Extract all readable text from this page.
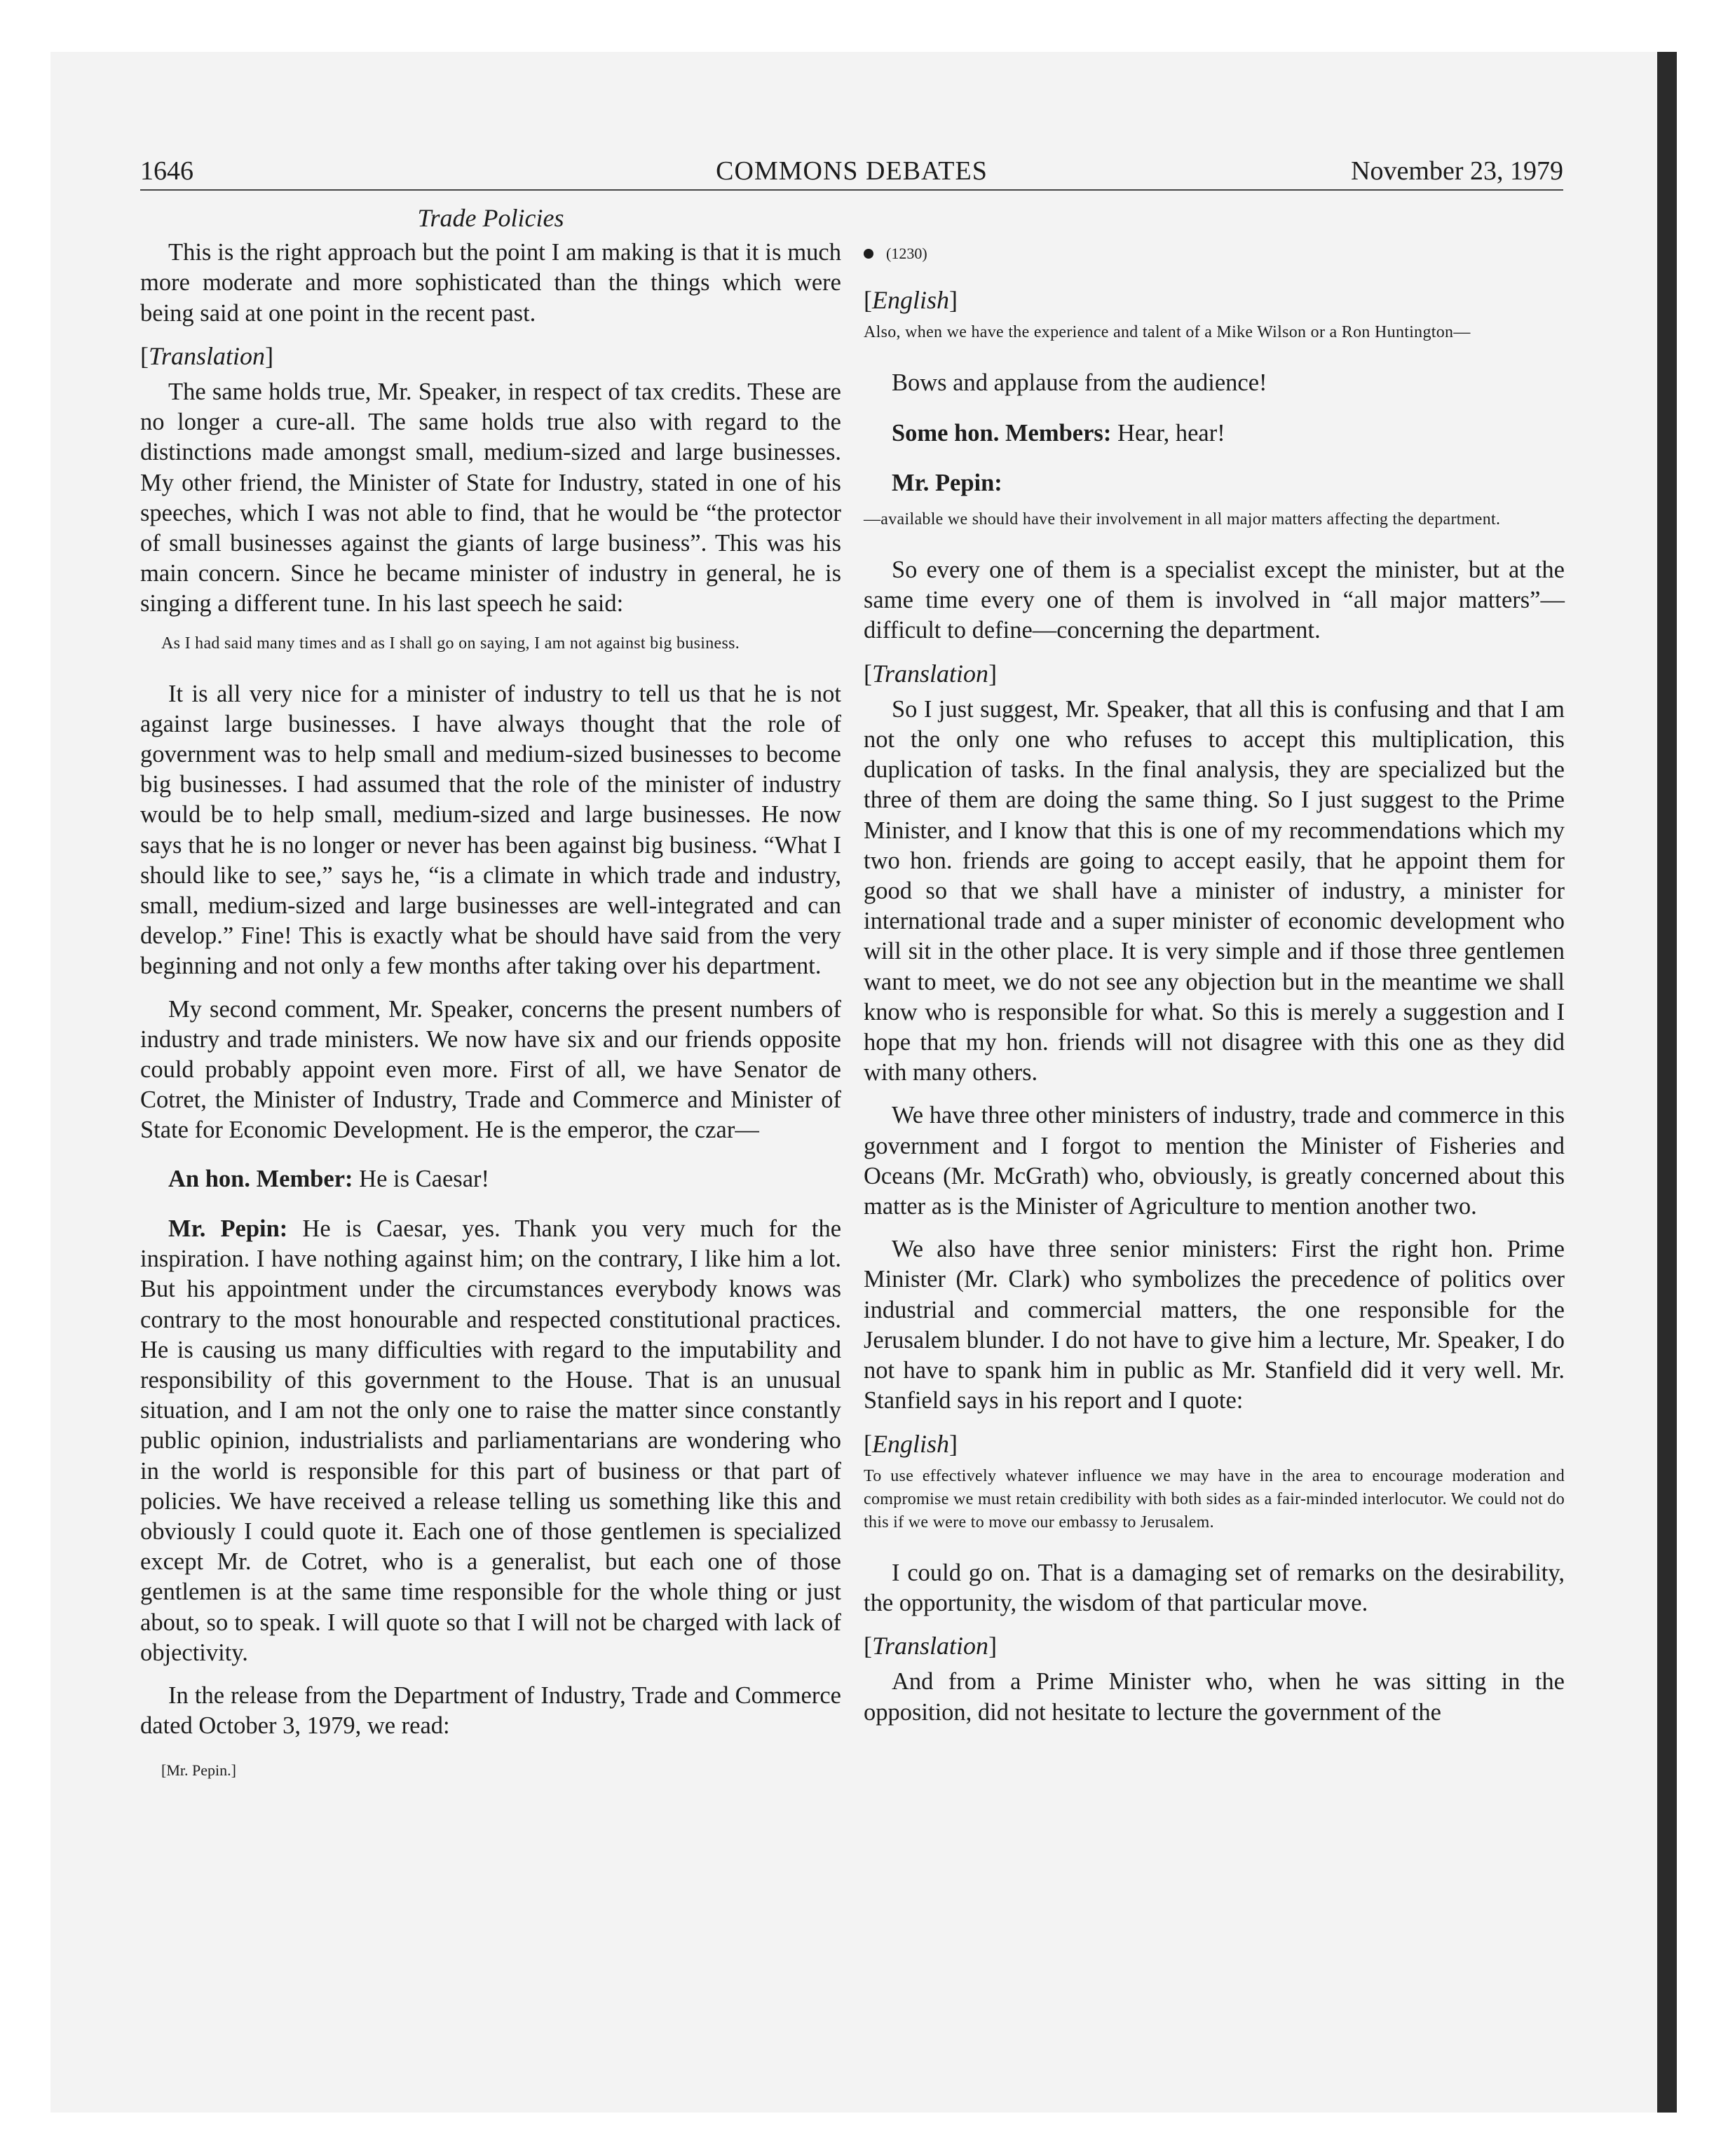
1646	COMMONS DEBATES	November 23, 1979
Trade Policies

This is the right approach but the point I am making is that it is much more moderate and more sophisticated than the things which were being said at one point in the recent past.

[Translation]

The same holds true, Mr. Speaker, in respect of tax credits. These are no longer a cure-all. The same holds true also with regard to the distinctions made amongst small, medium-sized and large businesses. My other friend, the Minister of State for Industry, stated in one of his speeches, which I was not able to find, that he would be “the protector of small businesses against the giants of large business”. This was his main concern. Since he became minister of industry in general, he is singing a different tune. In his last speech he said:

As I had said many times and as I shall go on saying, I am not against big business.

It is all very nice for a minister of industry to tell us that he is not against large businesses. I have always thought that the role of government was to help small and medium-sized businesses to become big businesses. I had assumed that the role of the minister of industry would be to help small, medium-sized and large businesses. He now says that he is no longer or never has been against big business. “What I should like to see,” says he, “is a climate in which trade and industry, small, medium-sized and large businesses are well-integrated and can develop.” Fine! This is exactly what be should have said from the very beginning and not only a few months after taking over his department.

My second comment, Mr. Speaker, concerns the present numbers of industry and trade ministers. We now have six and our friends opposite could probably appoint even more. First of all, we have Senator de Cotret, the Minister of Industry, Trade and Commerce and Minister of State for Economic Development. He is the emperor, the czar—

An hon. Member: He is Caesar!

Mr. Pepin: He is Caesar, yes. Thank you very much for the inspiration. I have nothing against him; on the contrary, I like him a lot. But his appointment under the circumstances everybody knows was contrary to the most honourable and respected constitutional practices. He is causing us many difficulties with regard to the imputability and responsibility of this government to the House. That is an unusual situation, and I am not the only one to raise the matter since constantly public opinion, industrialists and parliamentarians are wondering who in the world is responsible for this part of business or that part of policies. We have received a release telling us something like this and obviously I could quote it. Each one of those gentlemen is specialized except Mr. de Cotret, who is a generalist, but each one of those gentlemen is at the same time responsible for the whole thing or just about, so to speak. I will quote so that I will not be charged with lack of objectivity.

In the release from the Department of Industry, Trade and Commerce dated October 3, 1979, we read:

[Mr. Pepin.]
(1230)
[English]
Also, when we have the experience and talent of a Mike Wilson or a Ron Huntington—
Bows and applause from the audience!
Some hon. Members: Hear, hear!
Mr. Pepin:
—available we should have their involvement in all major matters affecting the department.

So every one of them is a specialist except the minister, but at the same time every one of them is involved in “all major matters”—difficult to define—concerning the department.

[Translation]

So I just suggest, Mr. Speaker, that all this is confusing and that I am not the only one who refuses to accept this multiplication, this duplication of tasks. In the final analysis, they are specialized but the three of them are doing the same thing. So I just suggest to the Prime Minister, and I know that this is one of my recommendations which my two hon. friends are going to accept easily, that he appoint them for good so that we shall have a minister of industry, a minister for international trade and a super minister of economic development who will sit in the other place. It is very simple and if those three gentlemen want to meet, we do not see any objection but in the meantime we shall know who is responsible for what. So this is merely a suggestion and I hope that my hon. friends will not disagree with this one as they did with many others.

We have three other ministers of industry, trade and commerce in this government and I forgot to mention the Minister of Fisheries and Oceans (Mr. McGrath) who, obviously, is greatly concerned about this matter as is the Minister of Agriculture to mention another two.

We also have three senior ministers: First the right hon. Prime Minister (Mr. Clark) who symbolizes the precedence of politics over industrial and commercial matters, the one responsible for the Jerusalem blunder. I do not have to give him a lecture, Mr. Speaker, I do not have to spank him in public as Mr. Stanfield did it very well. Mr. Stanfield says in his report and I quote:

[English]
To use effectively whatever influence we may have in the area to encourage moderation and compromise we must retain credibility with both sides as a fair-minded interlocutor. We could not do this if we were to move our embassy to Jerusalem.

I could go on. That is a damaging set of remarks on the desirability, the opportunity, the wisdom of that particular move.

[Translation]

And from a Prime Minister who, when he was sitting in the opposition, did not hesitate to lecture the government of the
